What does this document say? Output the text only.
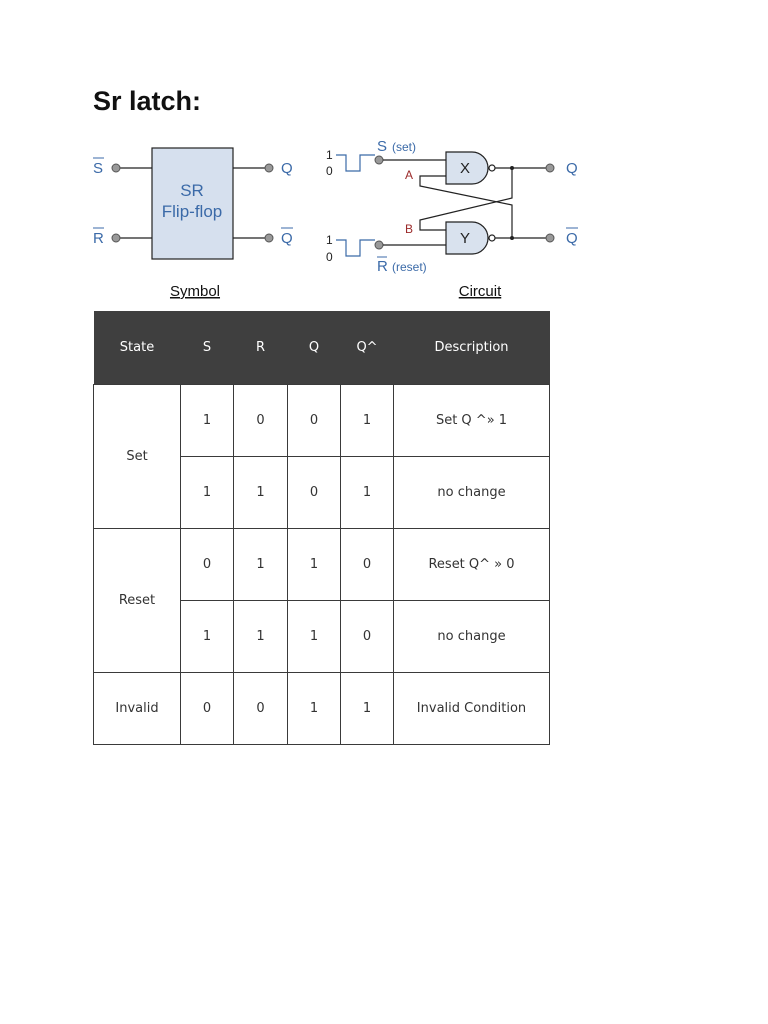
Sr latch:
SR
Flip-flop
S
R
Q
Q
Symbol
1
0
1
0
S (set)
R (reset)
X
Y
Q
Q
A
B
Circuit
State	S	R	Q	Q^	Description
Set	1	0	0	1	Set Q ^» 1
	1	1	0	1	no change
Reset	0	1	1	0	Reset Q^ » 0
	1	1	1	0	no change
Invalid	0	0	1	1	Invalid Condition
